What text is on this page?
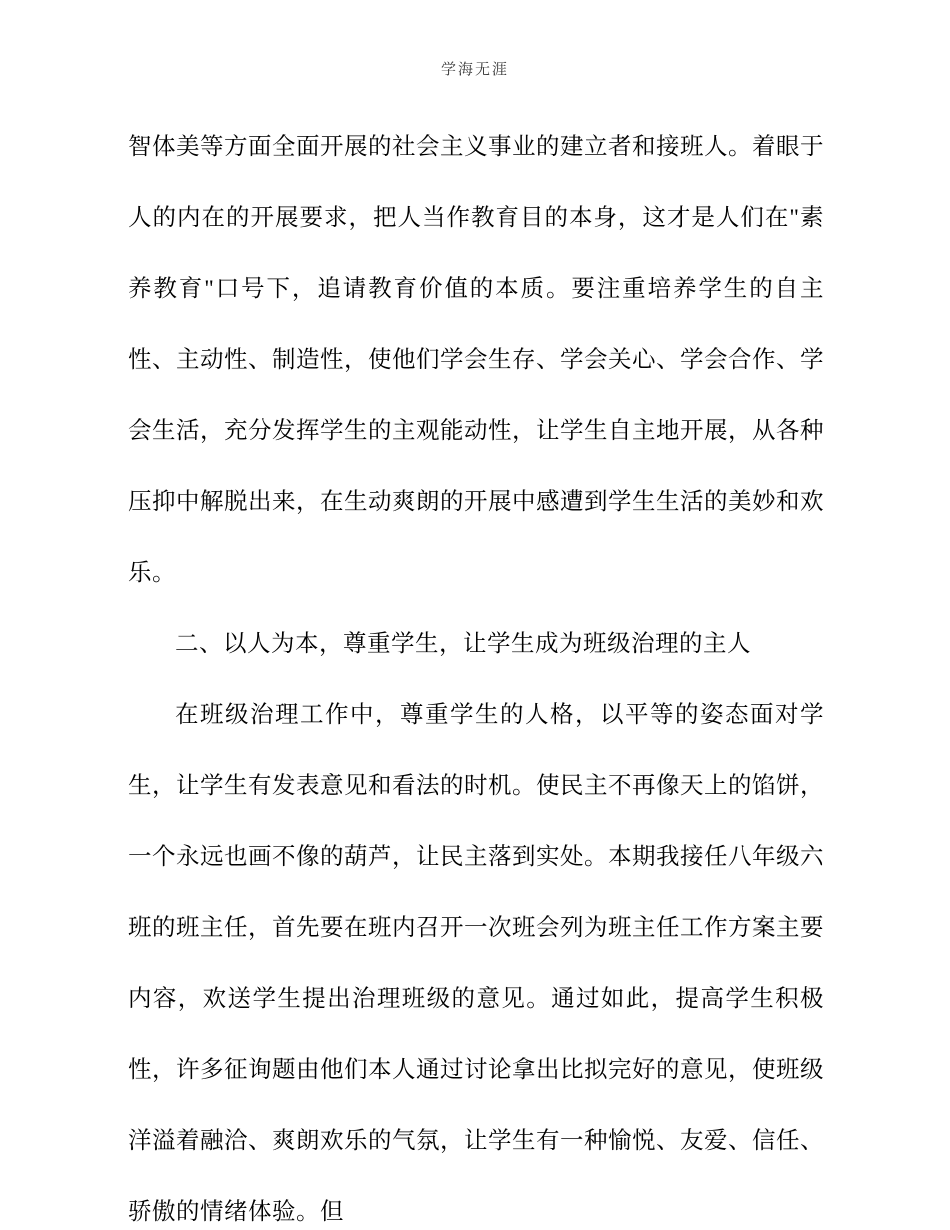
学海无涯

智体美等方面全面开展的社会主义事业的建立者和接班人。着眼于人的内在的开展要求，把人当作教育目的本身，这才是人们在"素养教育"口号下，追请教育价值的本质。要注重培养学生的自主性、主动性、制造性，使他们学会生存、学会关心、学会合作、学会生活，充分发挥学生的主观能动性，让学生自主地开展，从各种压抑中解脱出来，在生动爽朗的开展中感遭到学生生活的美妙和欢乐。

二、以人为本，尊重学生，让学生成为班级治理的主人

在班级治理工作中，尊重学生的人格，以平等的姿态面对学生，让学生有发表意见和看法的时机。使民主不再像天上的馅饼，一个永远也画不像的葫芦，让民主落到实处。本期我接任八年级六班的班主任，首先要在班内召开一次班会列为班主任工作方案主要内容，欢送学生提出治理班级的意见。通过如此，提高学生积极性，许多征询题由他们本人通过讨论拿出比拟完好的意见，使班级洋溢着融洽、爽朗欢乐的气氛，让学生有一种愉悦、友爱、信任、骄傲的情绪体验。但
